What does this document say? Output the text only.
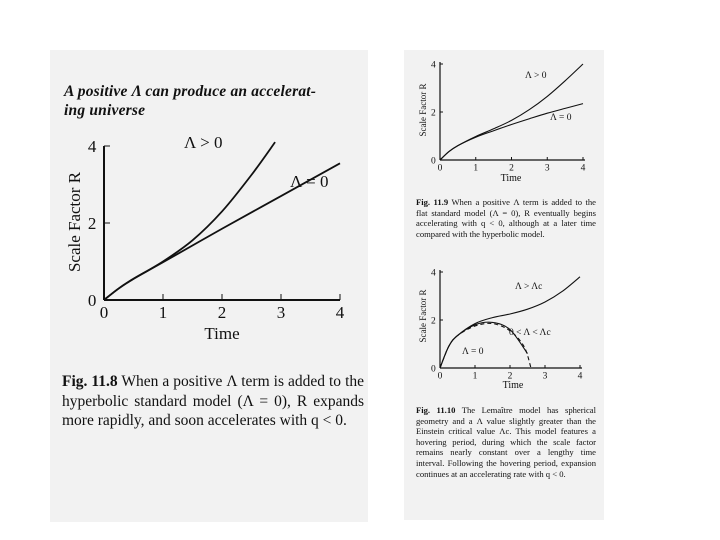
A positive Λ can produce an accelerat-
ing universe
0	1	2	3	4
0
2
4
Time
Scale Factor R
Λ > 0
Λ = 0
0	1	2	3	4
0
2
4
Time
Scale Factor R
Λ > 0
Λ = 0
Fig. 11.9 When a positive Λ term is added to the flat standard model (Λ = 0), R eventually begins accelerating with q < 0, although at a later time compared with the hyperbolic model.
0	1	2	3	4
0
2
4
Time
Scale Factor R
Λ > Λc
0 < Λ < Λc
Λ = 0
Fig. 11.10 The Lemaître model has spherical geometry and a Λ value slightly greater than the Einstein critical value Λc. This model features a hovering period, during which the scale factor remains nearly constant over a lengthy time interval. Following the hovering period, expansion continues at an accelerating rate with q < 0.
Fig. 11.8 When a positive Λ term is added to the hyperbolic standard model (Λ = 0), R expands more rapidly, and soon accelerates with q < 0.
